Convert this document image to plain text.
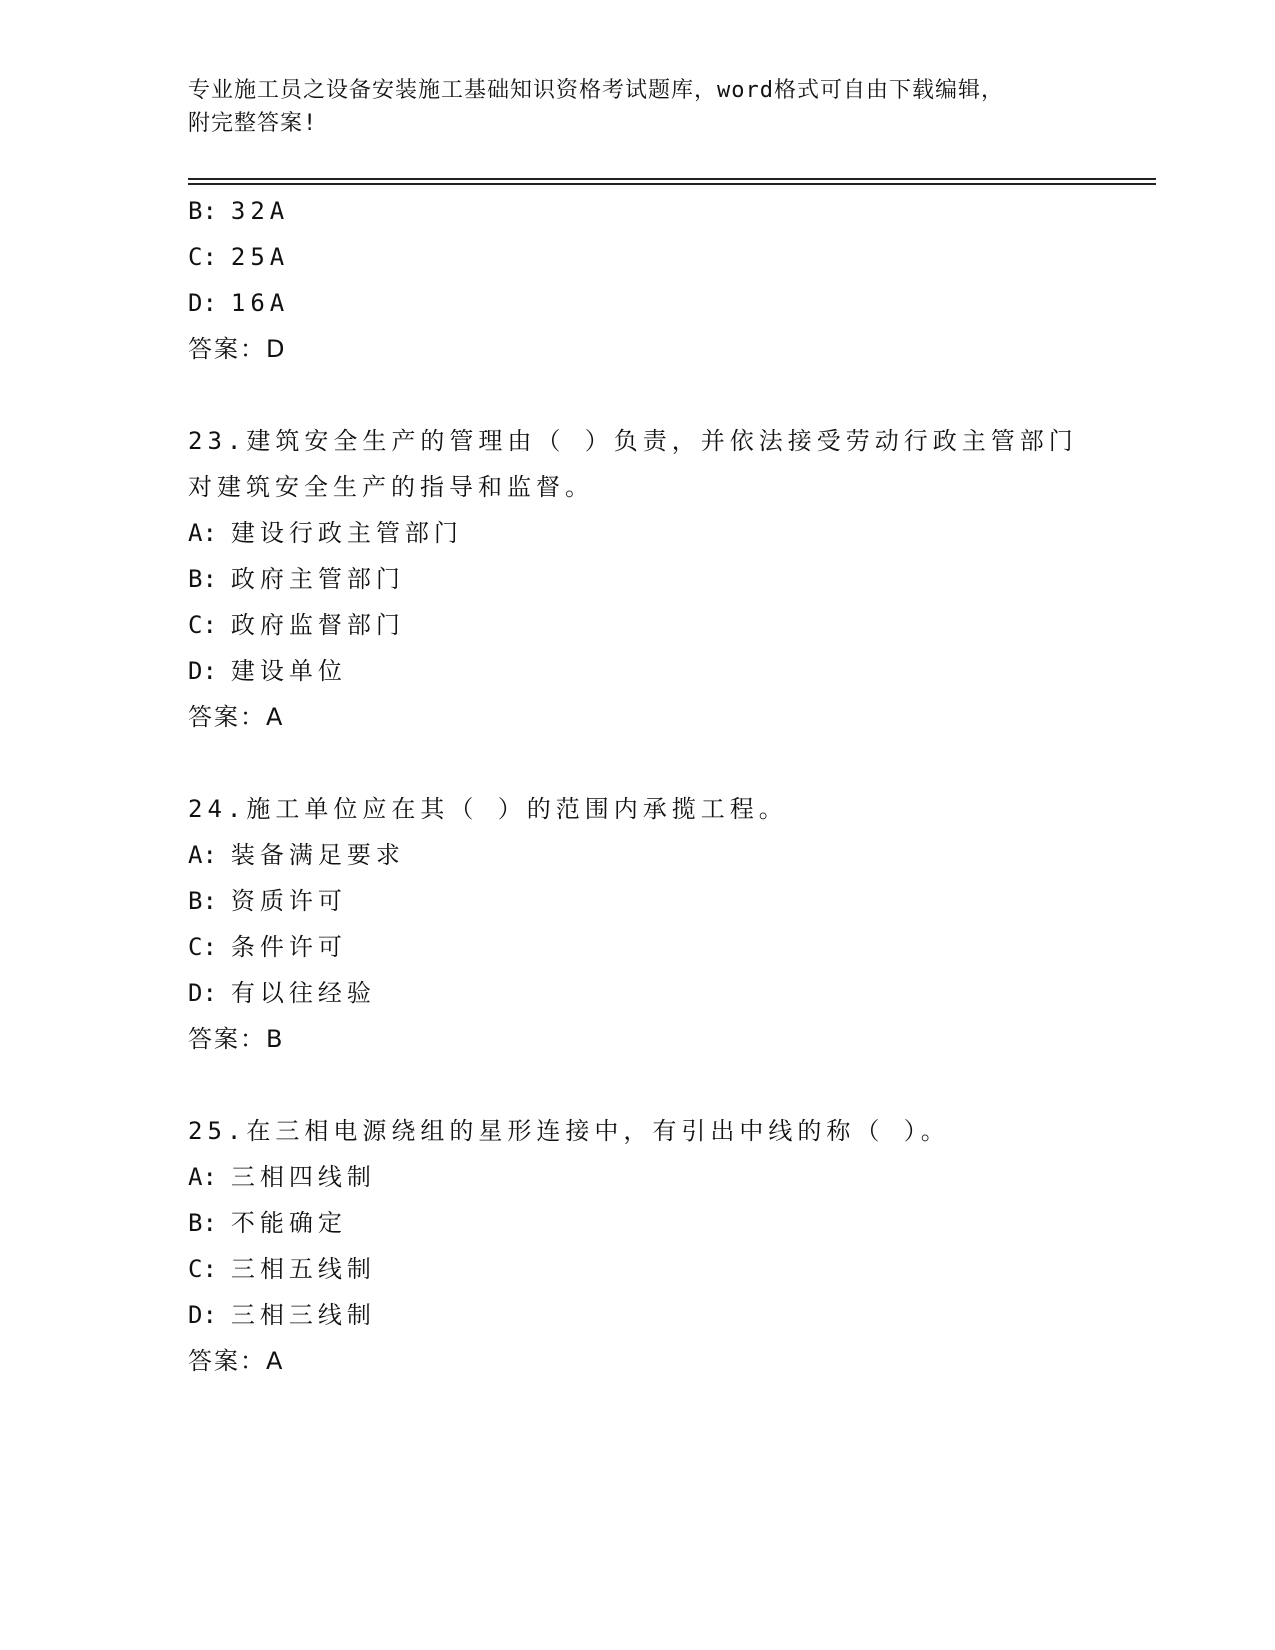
专业施工员之设备安装施工基础知识资格考试题库，word格式可自由下载编辑，
附完整答案!
B: 32A
C: 25A
D: 16A
答案：D
23.建筑安全生产的管理由（ ）负责，并依法接受劳动行政主管部门
对建筑安全生产的指导和监督。
A: 建设行政主管部门
B: 政府主管部门
C: 政府监督部门
D: 建设单位
答案：A
24.施工单位应在其（ ）的范围内承揽工程。
A: 装备满足要求
B: 资质许可
C: 条件许可
D: 有以往经验
答案：B
25.在三相电源绕组的星形连接中，有引出中线的称（ ）。
A: 三相四线制
B: 不能确定
C: 三相五线制
D: 三相三线制
答案：A
